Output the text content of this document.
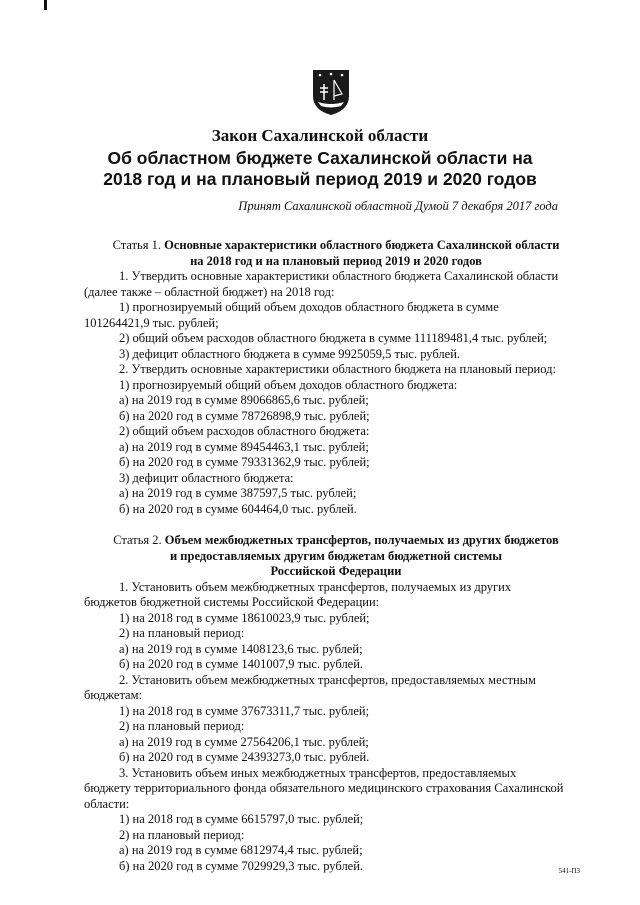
Закон Сахалинской области
Об областном бюджете Сахалинской области на
2018 год и на плановый период 2019 и 2020 годов
Принят Сахалинской областной Думой 7 декабря 2017 года
Статья 1. Основные характеристики областного бюджета Сахалинской области
на 2018 год и на плановый период 2019 и 2020 годов
1. Утвердить основные характеристики областного бюджета Сахалинской области
(далее также – областной бюджет) на 2018 год:
1) прогнозируемый общий объем доходов областного бюджета в сумме
101264421,9 тыс. рублей;
2) общий объем расходов областного бюджета в сумме 111189481,4 тыс. рублей;
3) дефицит областного бюджета в сумме 9925059,5 тыс. рублей.
2. Утвердить основные характеристики областного бюджета на плановый период:
1) прогнозируемый общий объем доходов областного бюджета:
а) на 2019 год в сумме 89066865,6 тыс. рублей;
б) на 2020 год в сумме 78726898,9 тыс. рублей;
2) общий объем расходов областного бюджета:
а) на 2019 год в сумме 89454463,1 тыс. рублей;
б) на 2020 год в сумме 79331362,9 тыс. рублей;
3) дефицит областного бюджета:
а) на 2019 год в сумме 387597,5 тыс. рублей;
б) на 2020 год в сумме 604464,0 тыс. рублей.
Статья 2. Объем межбюджетных трансфертов, получаемых из других бюджетов
и предоставляемых другим бюджетам бюджетной системы
Российской Федерации
1. Установить объем межбюджетных трансфертов, получаемых из других
бюджетов бюджетной системы Российской Федерации:
1) на 2018 год в сумме 18610023,9 тыс. рублей;
2) на плановый период:
а) на 2019 год в сумме 1408123,6 тыс. рублей;
б) на 2020 год в сумме 1401007,9 тыс. рублей.
2. Установить объем межбюджетных трансфертов, предоставляемых местным
бюджетам:
1) на 2018 год в сумме 37673311,7 тыс. рублей;
2) на плановый период:
а) на 2019 год в сумме 27564206,1 тыс. рублей;
б) на 2020 год в сумме 24393273,0 тыс. рублей.
3. Установить объем иных межбюджетных трансфертов, предоставляемых
бюджету территориального фонда обязательного медицинского страхования Сахалинской
области:
1) на 2018 год в сумме 6615797,0 тыс. рублей;
2) на плановый период:
а) на 2019 год в сумме 6812974,4 тыс. рублей;
б) на 2020 год в сумме 7029929,3 тыс. рублей.	541-ПЗ
